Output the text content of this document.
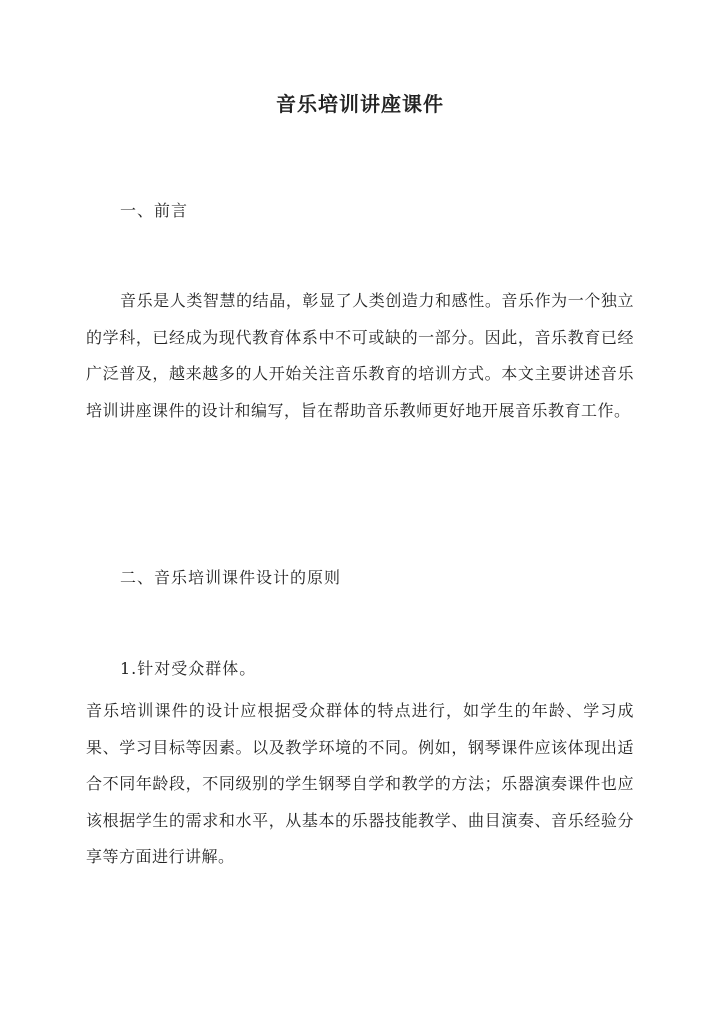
音乐培训讲座课件
一、前言
音乐是人类智慧的结晶，彰显了人类创造力和感性。音乐作为一个独立的学科，已经成为现代教育体系中不可或缺的一部分。因此，音乐教育已经广泛普及，越来越多的人开始关注音乐教育的培训方式。本文主要讲述音乐培训讲座课件的设计和编写，旨在帮助音乐教师更好地开展音乐教育工作。
二、音乐培训课件设计的原则
1.针对受众群体。
音乐培训课件的设计应根据受众群体的特点进行，如学生的年龄、学习成果、学习目标等因素。以及教学环境的不同。例如，钢琴课件应该体现出适合不同年龄段，不同级别的学生钢琴自学和教学的方法；乐器演奏课件也应该根据学生的需求和水平，从基本的乐器技能教学、曲目演奏、音乐经验分享等方面进行讲解。
